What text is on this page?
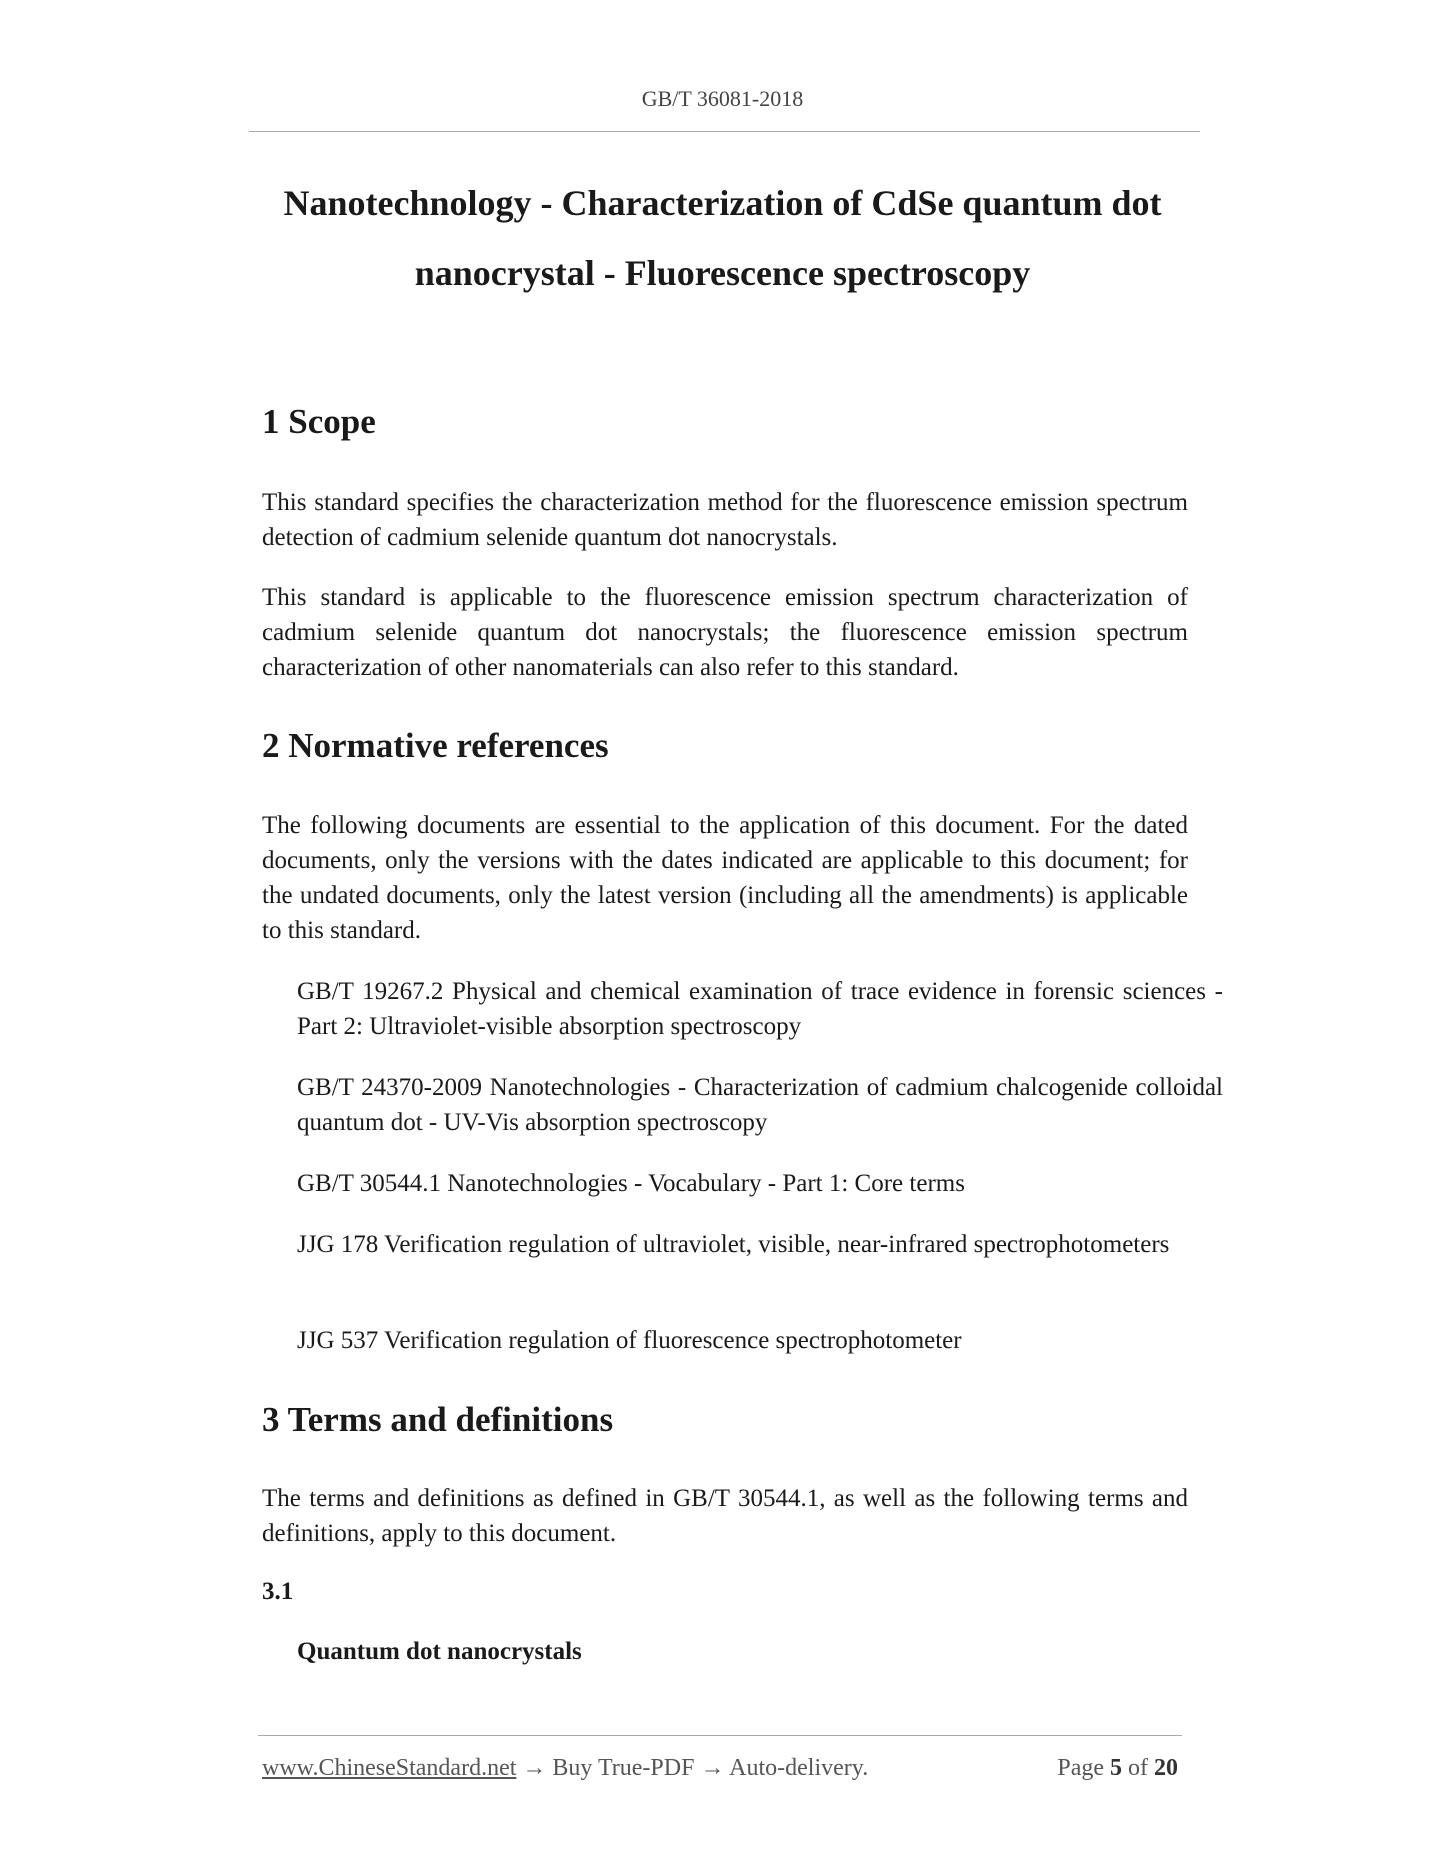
GB/T 36081-2018
Nanotechnology - Characterization of CdSe quantum dot
nanocrystal - Fluorescence spectroscopy
1 Scope

This standard specifies the characterization method for the fluorescence emission spectrum detection of cadmium selenide quantum dot nanocrystals.

This standard is applicable to the fluorescence emission spectrum characterization of cadmium selenide quantum dot nanocrystals; the fluorescence emission spectrum characterization of other nanomaterials can also refer to this standard.

2 Normative references

The following documents are essential to the application of this document. For the dated documents, only the versions with the dates indicated are applicable to this document; for the undated documents, only the latest version (including all the amendments) is applicable to this standard.

GB/T 19267.2 Physical and chemical examination of trace evidence in forensic sciences - Part 2: Ultraviolet-visible absorption spectroscopy

GB/T 24370-2009 Nanotechnologies - Characterization of cadmium chalcogenide colloidal quantum dot - UV-Vis absorption spectroscopy

GB/T 30544.1 Nanotechnologies - Vocabulary - Part 1: Core terms

JJG 178 Verification regulation of ultraviolet, visible, near-infrared spectrophotometers

JJG 537 Verification regulation of fluorescence spectrophotometer

3 Terms and definitions

The terms and definitions as defined in GB/T 30544.1, as well as the following terms and definitions, apply to this document.

3.1

Quantum dot nanocrystals

www.ChineseStandard.net → Buy True-PDF → Auto-delivery.	Page 5 of 20
